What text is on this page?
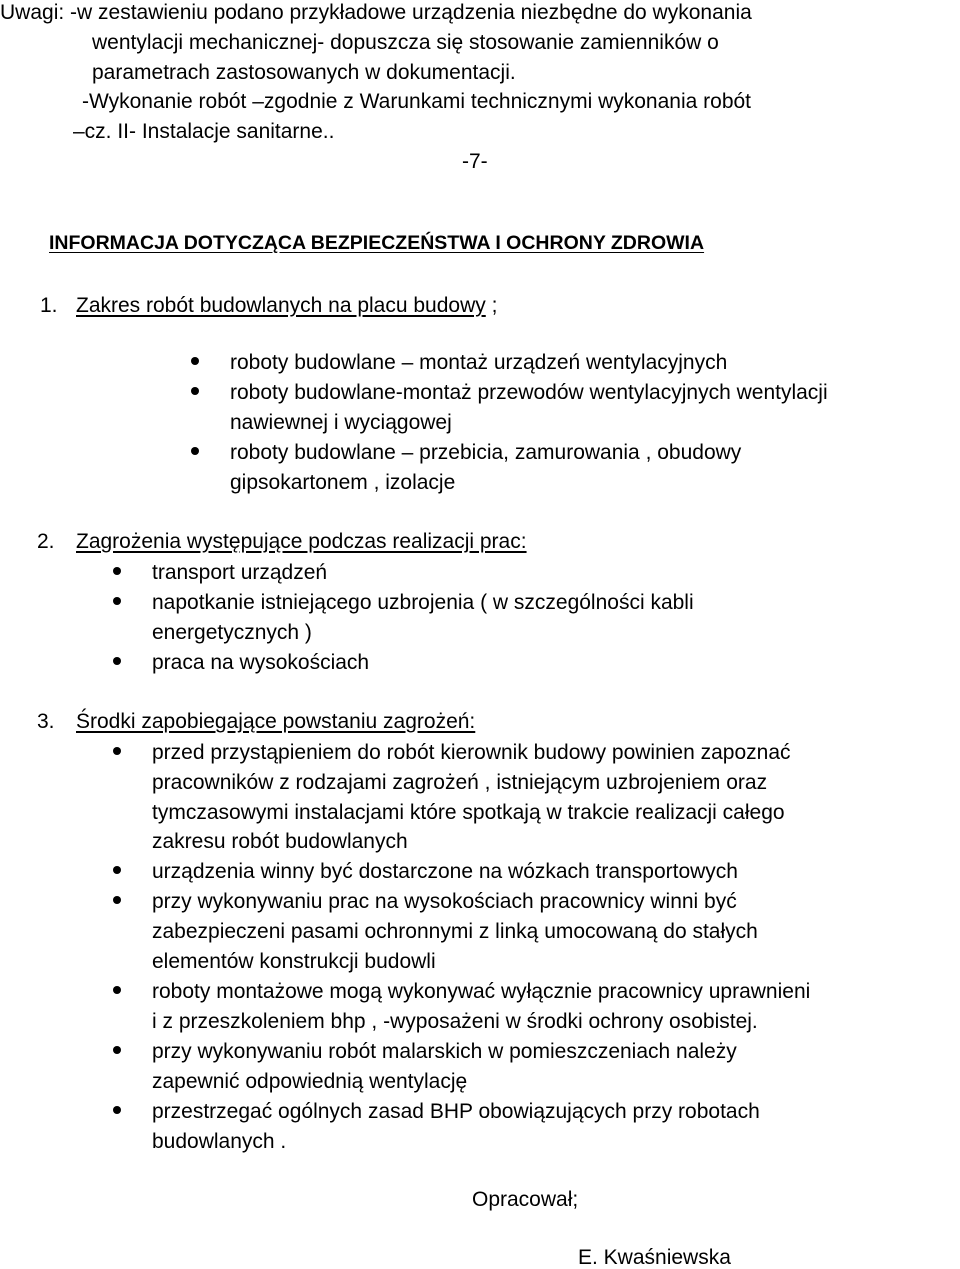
Uwagi: -w zestawieniu podano przykładowe urządzenia niezbędne do wykonania
wentylacji mechanicznej- dopuszcza się stosowanie zamienników o
parametrach zastosowanych w dokumentacji.
-Wykonanie robót –zgodnie z Warunkami technicznymi wykonania robót
–cz. II- Instalacje sanitarne..
-7-
INFORMACJA DOTYCZĄCA BEZPIECZEŃSTWA I OCHRONY ZDROWIA
1. Zakres robót budowlanych na placu budowy ;
roboty budowlane – montaż urządzeń wentylacyjnych
roboty budowlane-montaż przewodów wentylacyjnych wentylacji
nawiewnej i wyciągowej
roboty budowlane – przebicia, zamurowania , obudowy
gipsokartonem , izolacje
2. Zagrożenia występujące podczas realizacji prac:
transport urządzeń
napotkanie istniejącego uzbrojenia ( w szczególności kabli
energetycznych )
praca na wysokościach
3. Środki zapobiegające powstaniu zagrożeń:
przed przystąpieniem do robót kierownik budowy powinien zapoznać
pracowników z rodzajami zagrożeń , istniejącym uzbrojeniem oraz
tymczasowymi instalacjami które spotkają w trakcie realizacji całego
zakresu robót budowlanych
urządzenia winny być dostarczone na wózkach transportowych
przy wykonywaniu prac na wysokościach pracownicy winni być
zabezpieczeni pasami ochronnymi z linką umocowaną do stałych
elementów konstrukcji budowli
roboty montażowe mogą wykonywać wyłącznie pracownicy uprawnieni
i z przeszkoleniem bhp , -wyposażeni w środki ochrony osobistej.
przy wykonywaniu robót malarskich w pomieszczeniach należy
zapewnić odpowiednią wentylację
przestrzegać ogólnych zasad BHP obowiązujących przy robotach
budowlanych .
Opracował;
E. Kwaśniewska
